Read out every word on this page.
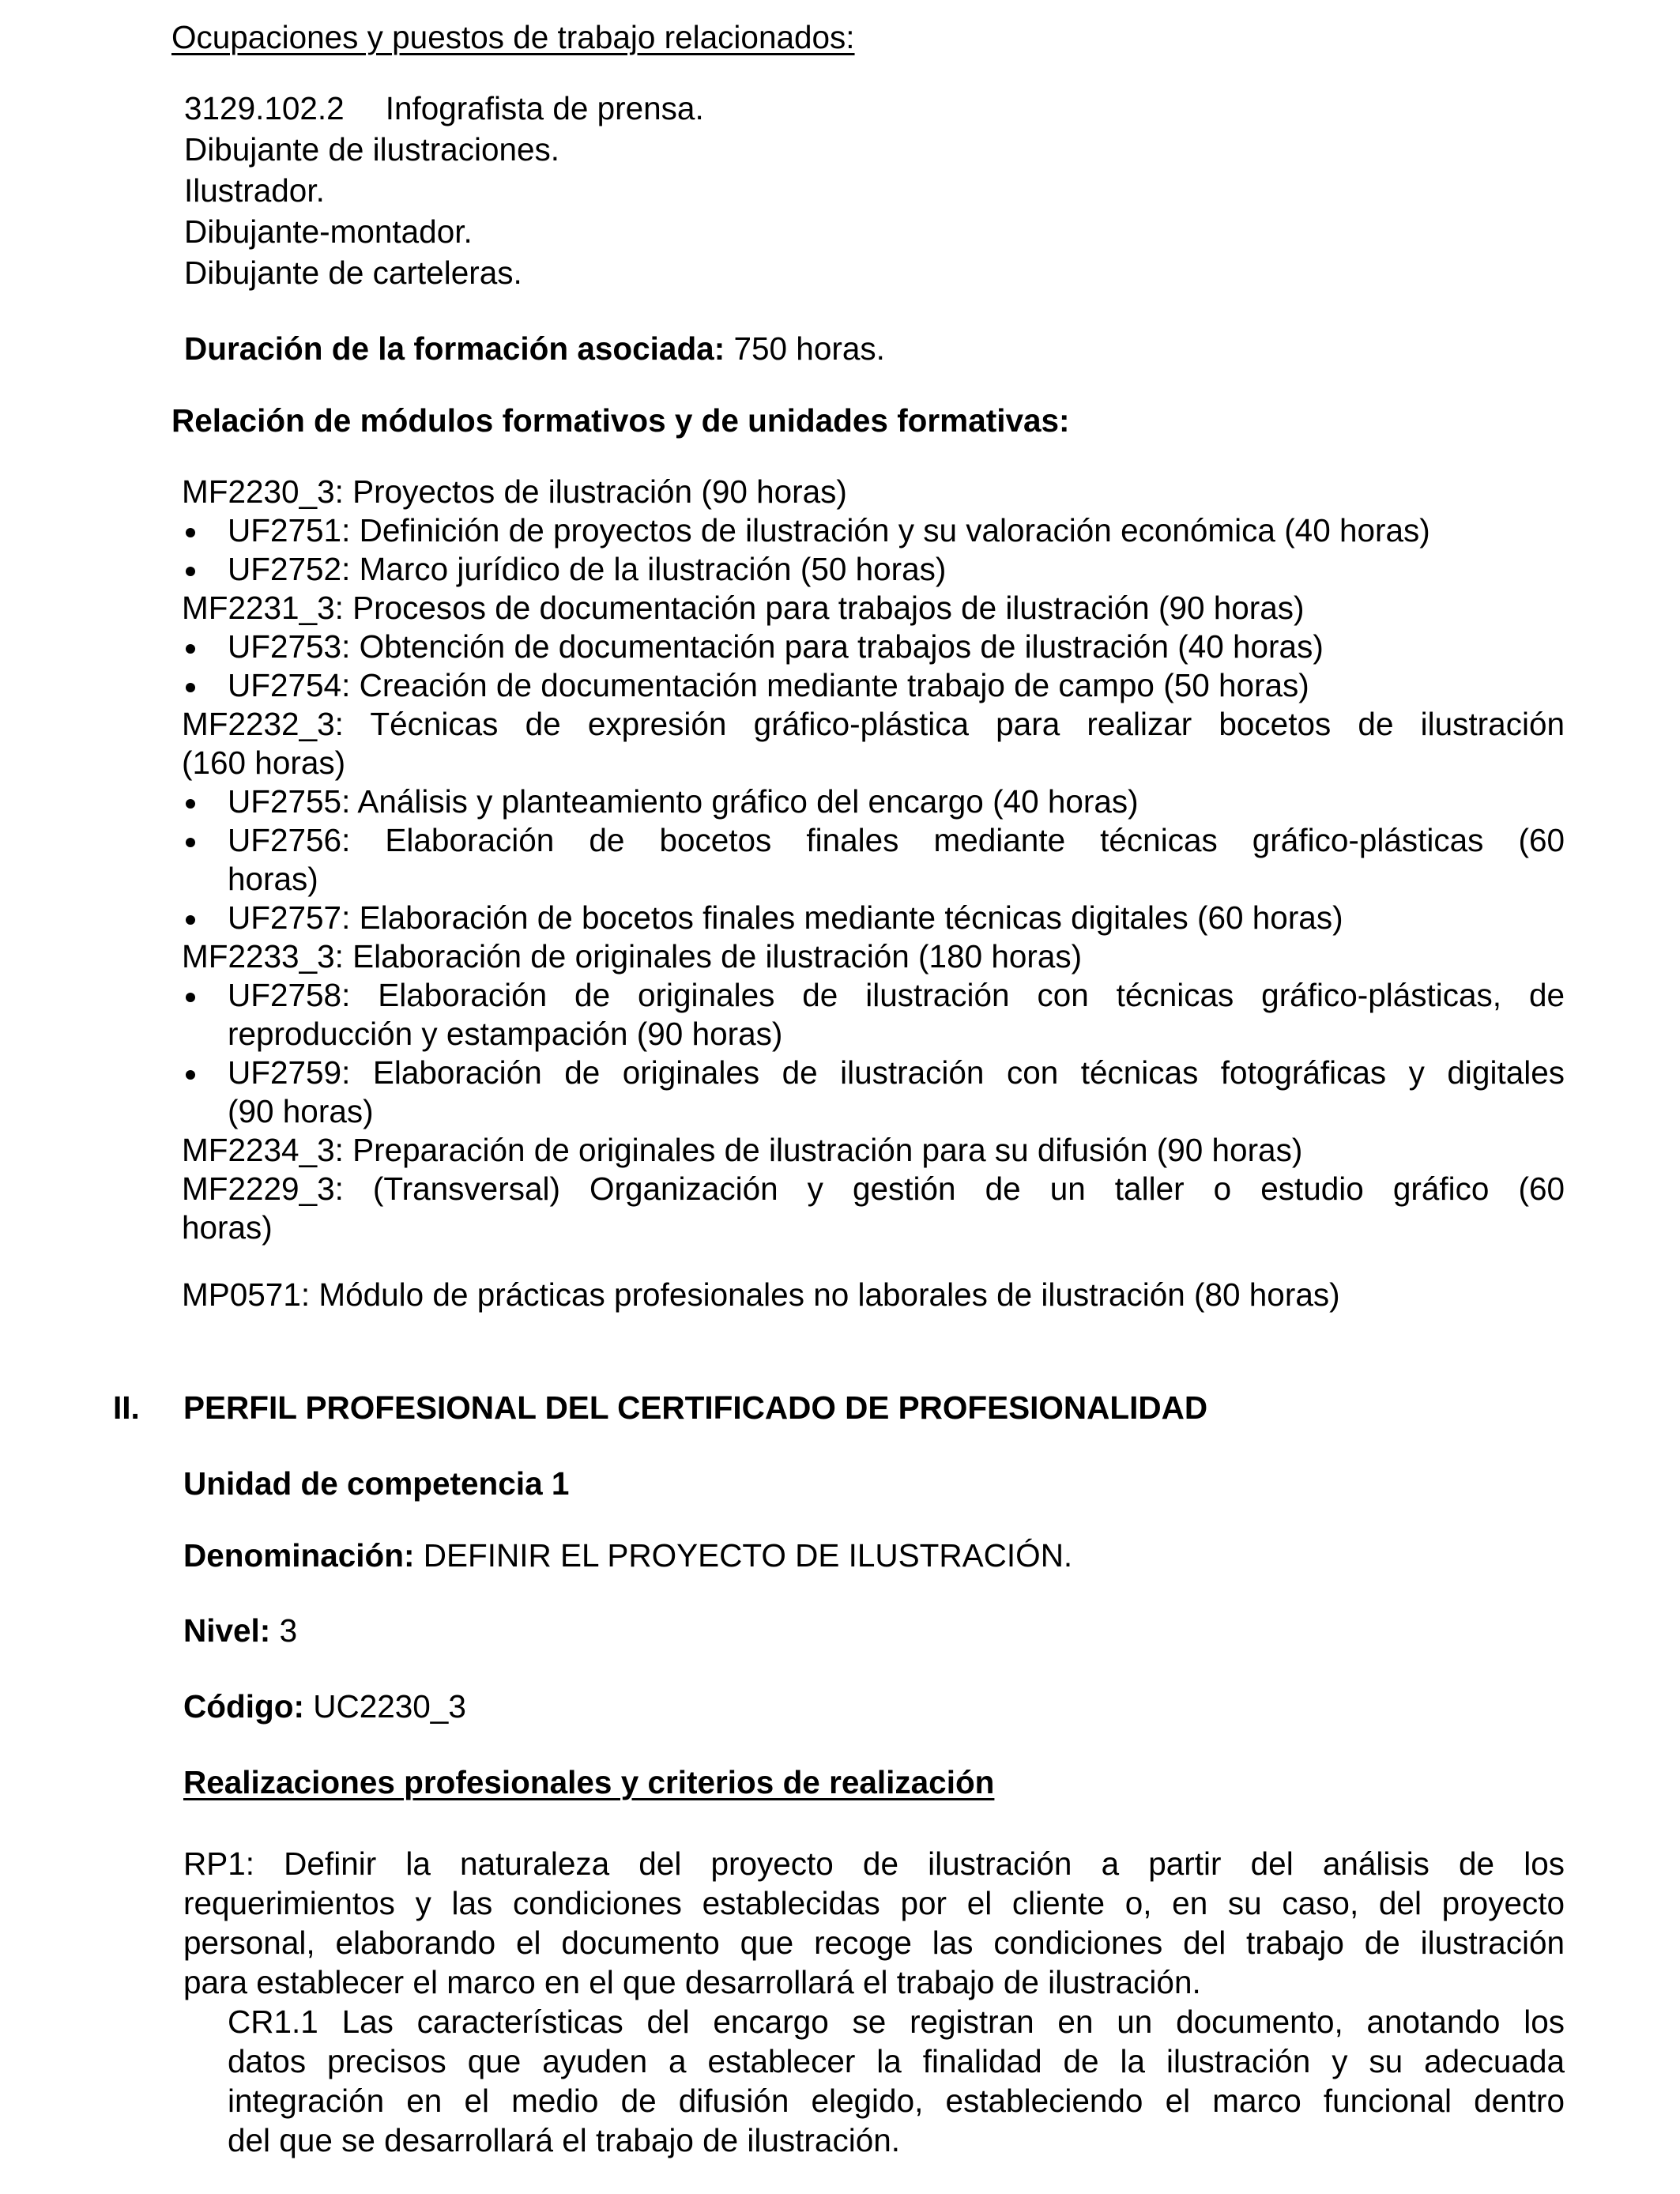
Ocupaciones y puestos de trabajo relacionados:
3129.102.2 Infografista de prensa.
Dibujante de ilustraciones.
Ilustrador.
Dibujante-montador.
Dibujante de carteleras.
Duración de la formación asociada: 750 horas.
Relación de módulos formativos y de unidades formativas:
MF2230_3: Proyectos de ilustración (90 horas)
UF2751: Definición de proyectos de ilustración y su valoración económica (40 horas)
UF2752: Marco jurídico de la ilustración (50 horas)
MF2231_3: Procesos de documentación para trabajos de ilustración (90 horas)
UF2753: Obtención de documentación para trabajos de ilustración (40 horas)
UF2754: Creación de documentación mediante trabajo de campo (50 horas)
MF2232_3: Técnicas de expresión gráfico-plástica para realizar bocetos de ilustración
(160 horas)
UF2755: Análisis y planteamiento gráfico del encargo (40 horas)
UF2756: Elaboración de bocetos finales mediante técnicas gráfico-plásticas (60
horas)
UF2757: Elaboración de bocetos finales mediante técnicas digitales (60 horas)
MF2233_3: Elaboración de originales de ilustración (180 horas)
UF2758: Elaboración de originales de ilustración con técnicas gráfico-plásticas, de
reproducción y estampación (90 horas)
UF2759: Elaboración de originales de ilustración con técnicas fotográficas y digitales
(90 horas)
MF2234_3: Preparación de originales de ilustración para su difusión (90 horas)
MF2229_3: (Transversal) Organización y gestión de un taller o estudio gráfico (60
horas)
MP0571: Módulo de prácticas profesionales no laborales de ilustración (80 horas)
II. PERFIL PROFESIONAL DEL CERTIFICADO DE PROFESIONALIDAD
Unidad de competencia 1
Denominación: DEFINIR EL PROYECTO DE ILUSTRACIÓN.
Nivel: 3
Código: UC2230_3
Realizaciones profesionales y criterios de realización
RP1: Definir la naturaleza del proyecto de ilustración a partir del análisis de los
requerimientos y las condiciones establecidas por el cliente o, en su caso, del proyecto
personal, elaborando el documento que recoge las condiciones del trabajo de ilustración
para establecer el marco en el que desarrollará el trabajo de ilustración.
CR1.1 Las características del encargo se registran en un documento, anotando los
datos precisos que ayuden a establecer la finalidad de la ilustración y su adecuada
integración en el medio de difusión elegido, estableciendo el marco funcional dentro
del que se desarrollará el trabajo de ilustración.
